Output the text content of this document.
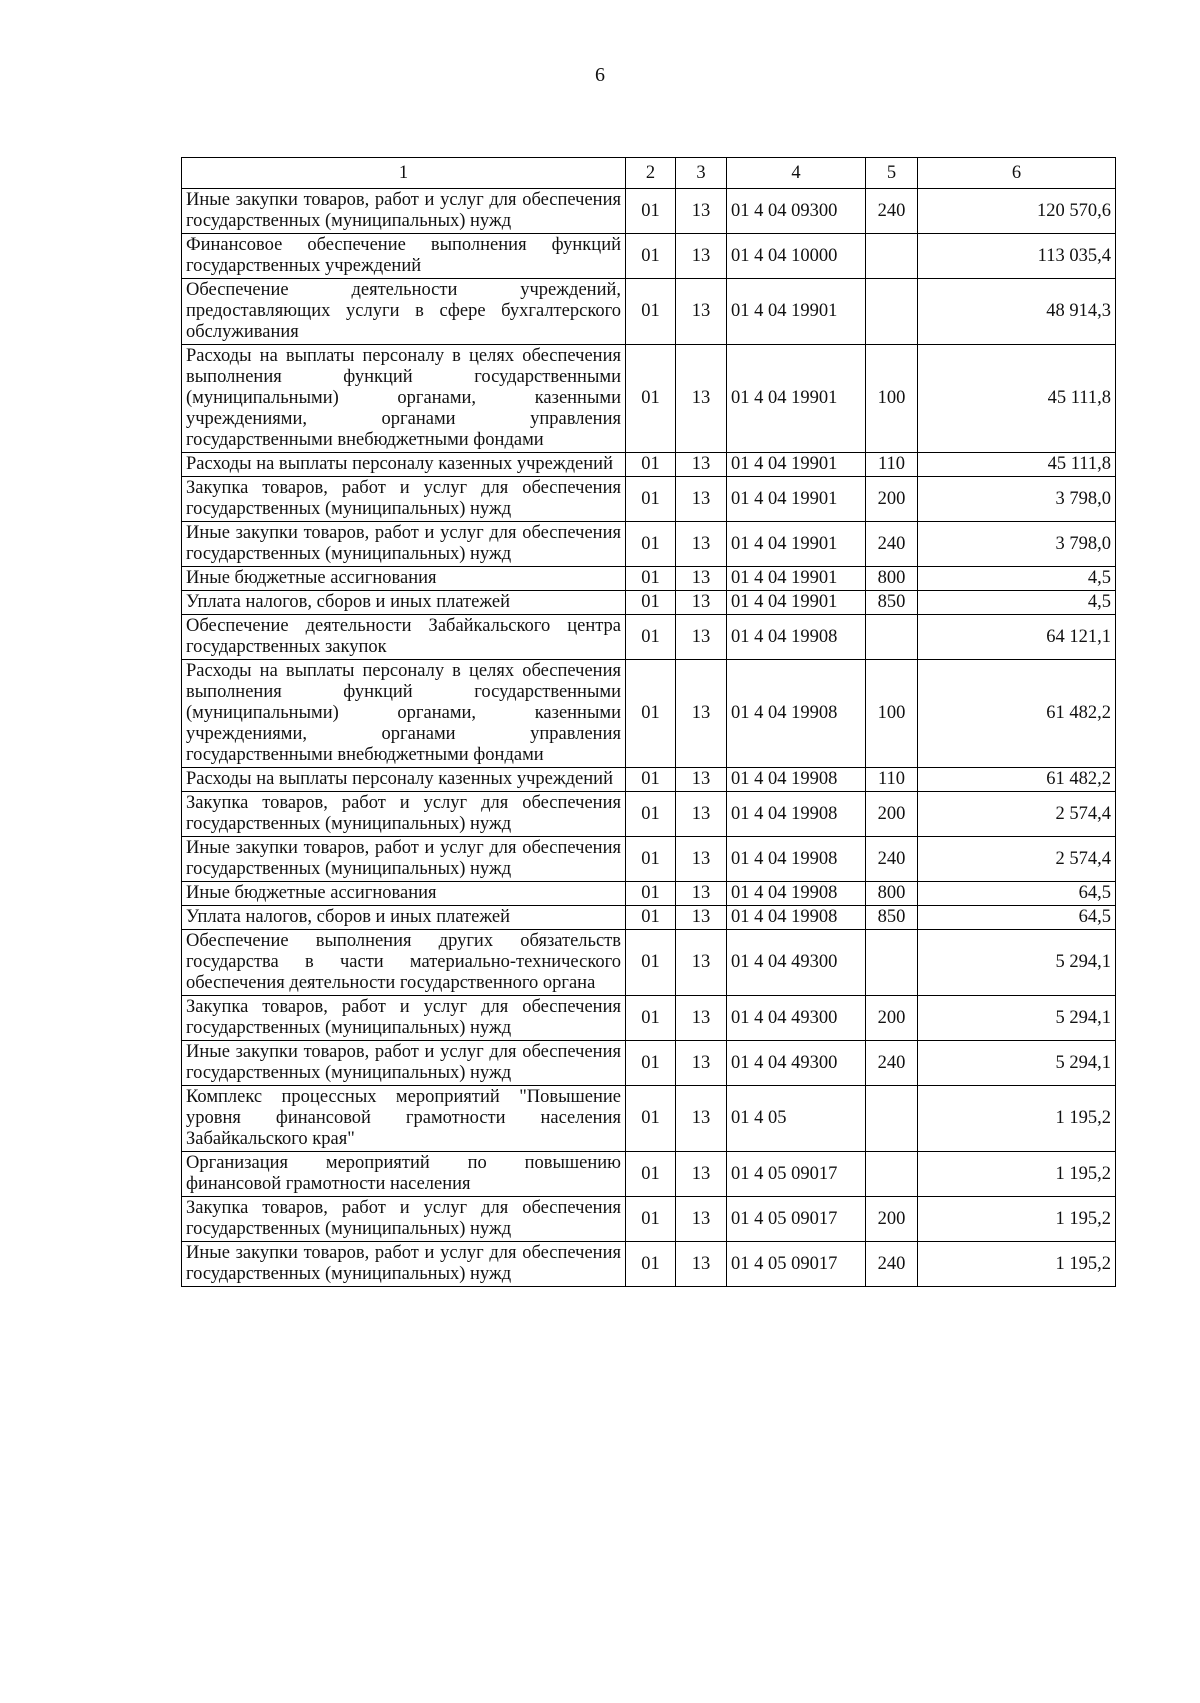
6
1	2	3	4	5	6
Иные закупки товаров, работ и услуг для обеспечения государственных (муниципальных) нужд	01	13	01 4 04 09300	240	120 570,6
Финансовое обеспечение выполнения функций государственных учреждений	01	13	01 4 04 10000		113 035,4
Обеспечение деятельности учреждений, предоставляющих услуги в сфере бухгалтерского обслуживания	01	13	01 4 04 19901		48 914,3
Расходы на выплаты персоналу в целях обеспечения выполнения функций государственными (муниципальными) органами, казенными учреждениями, органами управления государственными внебюджетными фондами	01	13	01 4 04 19901	100	45 111,8
Расходы на выплаты персоналу казенных учреждений	01	13	01 4 04 19901	110	45 111,8
Закупка товаров, работ и услуг для обеспечения государственных (муниципальных) нужд	01	13	01 4 04 19901	200	3 798,0
Иные закупки товаров, работ и услуг для обеспечения государственных (муниципальных) нужд	01	13	01 4 04 19901	240	3 798,0
Иные бюджетные ассигнования	01	13	01 4 04 19901	800	4,5
Уплата налогов, сборов и иных платежей	01	13	01 4 04 19901	850	4,5
Обеспечение деятельности Забайкальского центра государственных закупок	01	13	01 4 04 19908		64 121,1
Расходы на выплаты персоналу в целях обеспечения выполнения функций государственными (муниципальными) органами, казенными учреждениями, органами управления государственными внебюджетными фондами	01	13	01 4 04 19908	100	61 482,2
Расходы на выплаты персоналу казенных учреждений	01	13	01 4 04 19908	110	61 482,2
Закупка товаров, работ и услуг для обеспечения государственных (муниципальных) нужд	01	13	01 4 04 19908	200	2 574,4
Иные закупки товаров, работ и услуг для обеспечения государственных (муниципальных) нужд	01	13	01 4 04 19908	240	2 574,4
Иные бюджетные ассигнования	01	13	01 4 04 19908	800	64,5
Уплата налогов, сборов и иных платежей	01	13	01 4 04 19908	850	64,5
Обеспечение выполнения других обязательств государства в части материально-технического обеспечения деятельности государственного органа	01	13	01 4 04 49300		5 294,1
Закупка товаров, работ и услуг для обеспечения государственных (муниципальных) нужд	01	13	01 4 04 49300	200	5 294,1
Иные закупки товаров, работ и услуг для обеспечения государственных (муниципальных) нужд	01	13	01 4 04 49300	240	5 294,1
Комплекс процессных мероприятий "Повышение уровня финансовой грамотности населения Забайкальского края"	01	13	01 4 05		1 195,2
Организация мероприятий по повышению финансовой грамотности населения	01	13	01 4 05 09017		1 195,2
Закупка товаров, работ и услуг для обеспечения государственных (муниципальных) нужд	01	13	01 4 05 09017	200	1 195,2
Иные закупки товаров, работ и услуг для обеспечения государственных (муниципальных) нужд	01	13	01 4 05 09017	240	1 195,2
